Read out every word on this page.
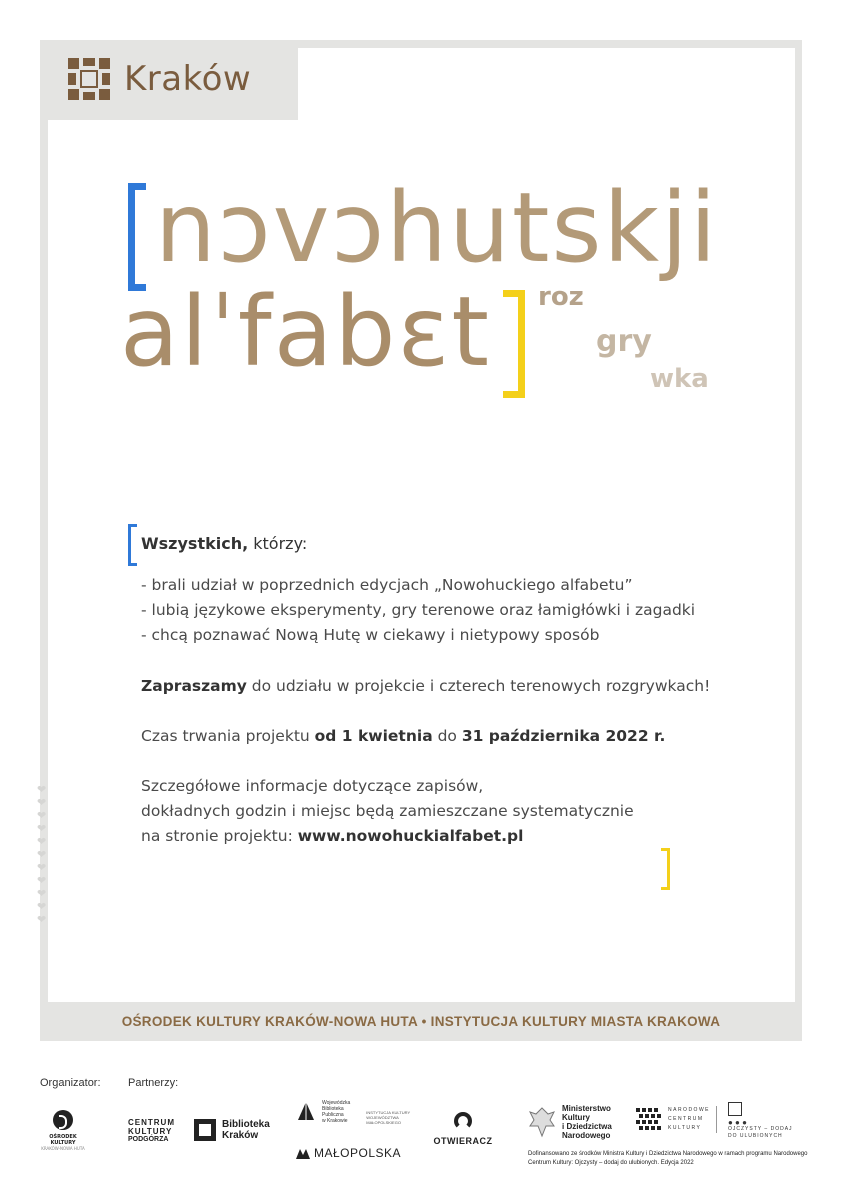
Kraków
nɔvɔhutskji
alˈfabɛt roz
gry
wka
Wszystkich, którzy:
- brali udział w poprzednich edycjach „Nowohuckiego alfabetu”
- lubią językowe eksperymenty, gry terenowe oraz łamigłówki i zagadki
- chcą poznawać Nową Hutę w ciekawy i nietypowy sposób
Zapraszamy do udziału w projekcie i czterech terenowych rozgrywkach!
Czas trwania projektu od 1 kwietnia do 31 października 2022 r.
Szczegółowe informacje dotyczące zapisów,
dokładnych godzin i miejsc będą zamieszczane systematycznie
na stronie projektu: www.nowohuckialfabet.pl
❤
❤
❤
❤
❤
❤
❤
❤
❤
❤
❤
OŚRODEK KULTURY KRAKÓW-NOWA HUTA • INSTYTUCJA KULTURY MIASTA KRAKOWA
Organizator: Partnerzy:
OŚRODEK KULTURY
KRAKÓW-NOWA HUTA
CENTRUM
KULTURY
PODGÓRZA
Biblioteka
Kraków
Wojewódzka
Biblioteka
Publiczna
w Krakowie
INSTYTUCJA KULTURY
WOJEWÓDZTWA
MAŁOPOLSKIEGO
MAŁOPOLSKA
OTWIERACZ
Ministerstwo
Kultury
i Dziedzictwa
Narodowego
NARODOWE
CENTRUM
KULTURY
● ● ●
OJCZYSTY – DODAJ
DO ULUBIONYCH
Dofinansowano ze środków Ministra Kultury i Dziedzictwa Narodowego w ramach programu Narodowego Centrum Kultury: Ojczysty – dodaj do ulubionych. Edycja 2022
